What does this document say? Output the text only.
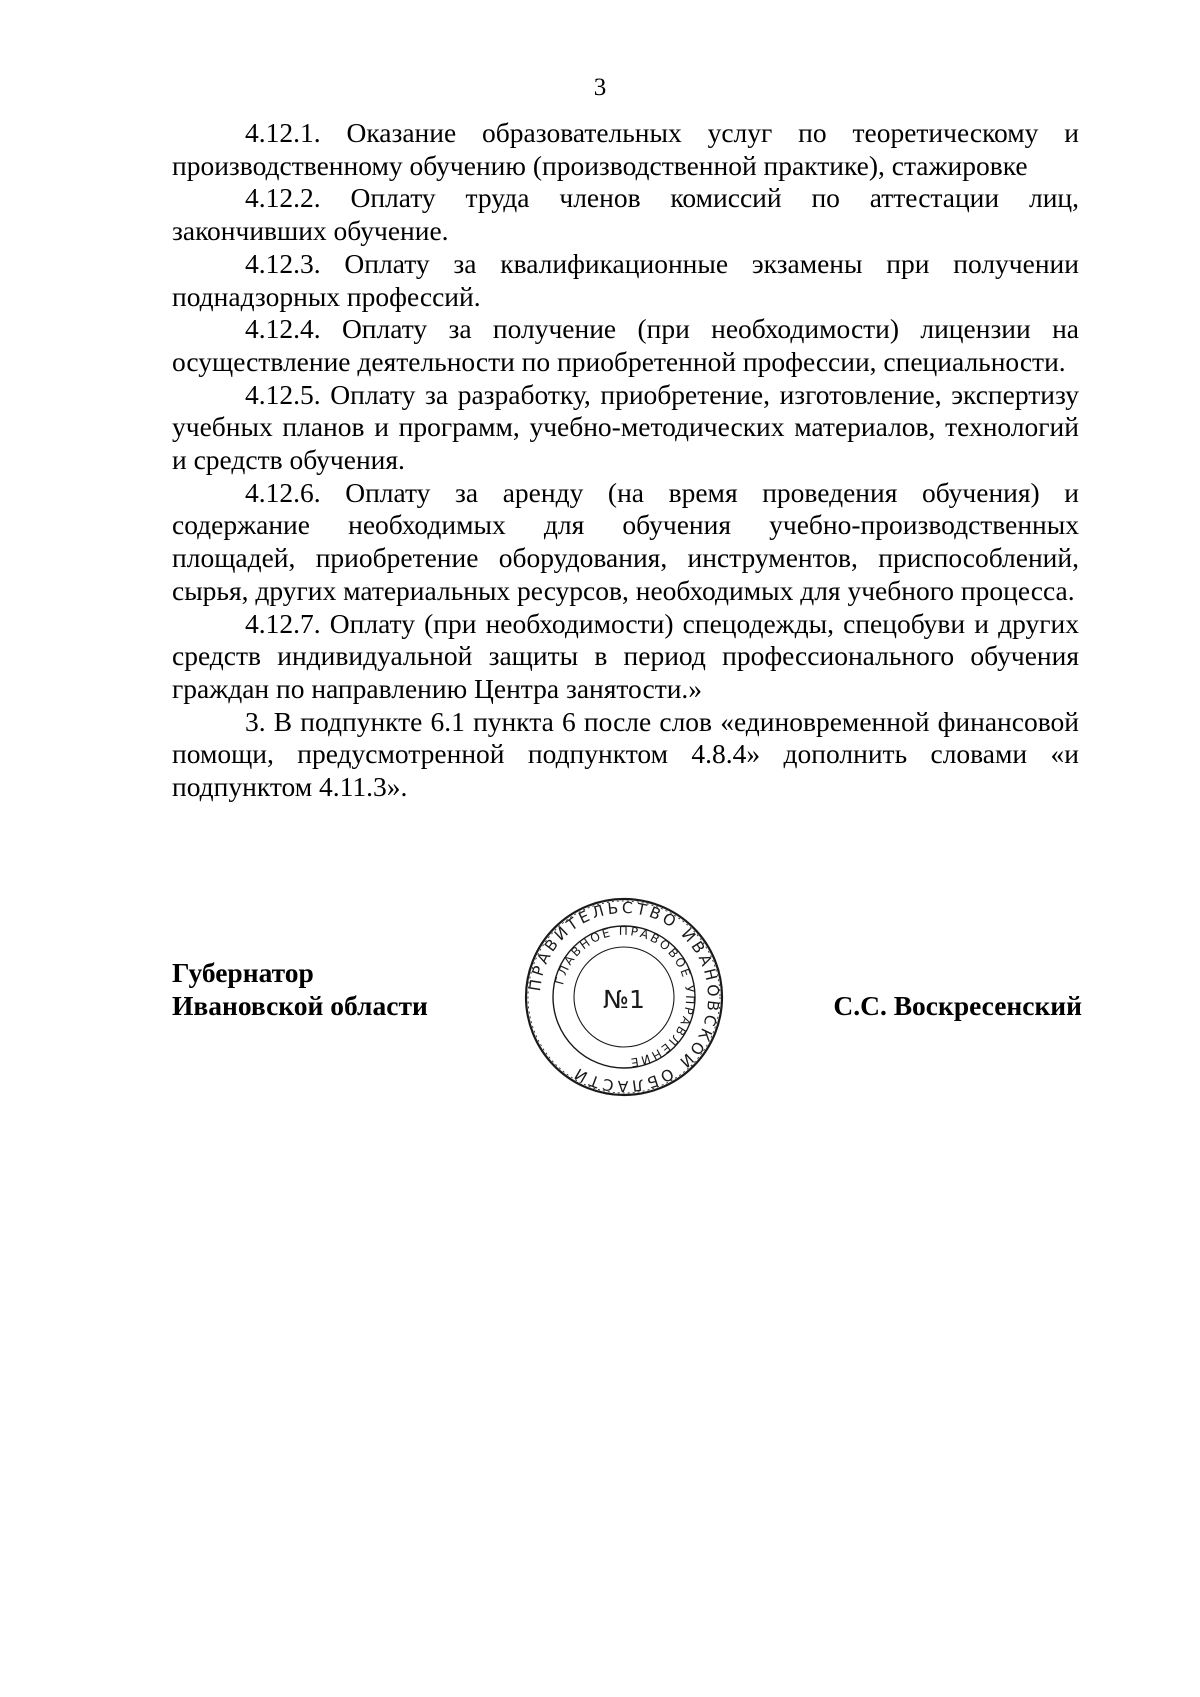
3

4.12.1. Оказание образовательных услуг по теоретическому и производственному обучению (производственной практике), стажировке

4.12.2. Оплату труда членов комиссий по аттестации лиц, закончивших обучение.

4.12.3. Оплату за квалификационные экзамены при получении поднадзорных профессий.

4.12.4. Оплату за получение (при необходимости) лицензии на осуществление деятельности по приобретенной профессии, специальности.

4.12.5. Оплату за разработку, приобретение, изготовление, экспертизу учебных планов и программ, учебно-методических материалов, технологий и средств обучения.

4.12.6. Оплату за аренду (на время проведения обучения) и содержание необходимых для обучения учебно-производственных площадей, приобретение оборудования, инструментов, приспособлений, сырья, других материальных ресурсов, необходимых для учебного процесса.

4.12.7. Оплату (при необходимости) спецодежды, спецобуви и других средств индивидуальной защиты в период профессионального обучения граждан по направлению Центра занятости.»

3. В подпункте 6.1 пункта 6 после слов «единовременной финансовой помощи, предусмотренной подпунктом 4.8.4» дополнить словами «и подпунктом 4.11.3».

Губернатор
Ивановской области	С.С. Воскресенский
ПРАВИТЕЛЬСТВО ИВАНОВСКОЙ ОБЛАСТИ
ГЛАВНОЕ ПРАВОВОЕ УПРАВЛЕНИЕ
№1
